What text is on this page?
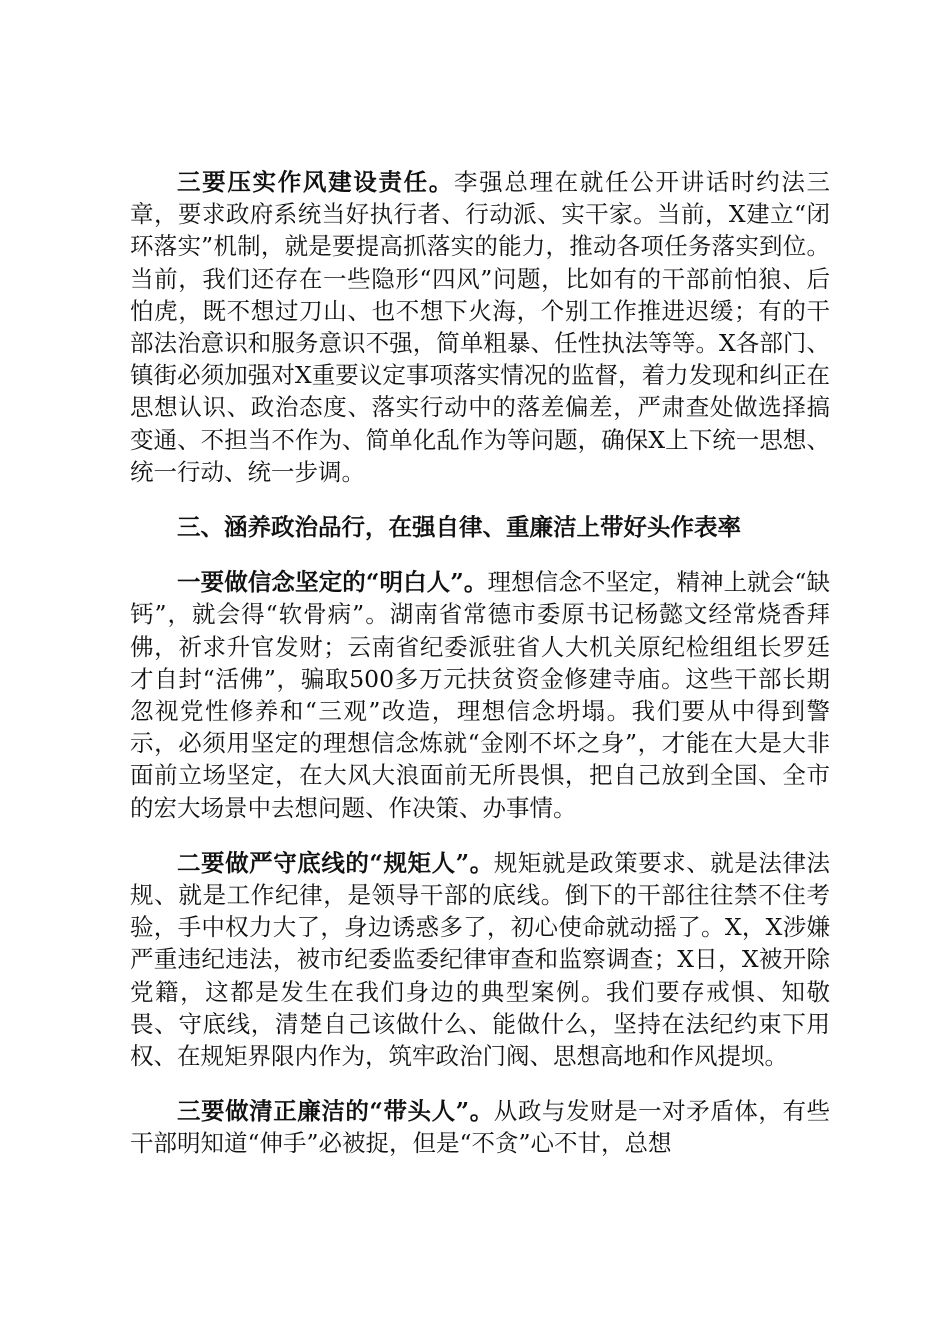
三要压实作风建设责任。李强总理在就任公开讲话时约法三章，要求政府系统当好执行者、行动派、实干家。当前，X建立“闭环落实”机制，就是要提高抓落实的能力，推动各项任务落实到位。当前，我们还存在一些隐形“四风”问题，比如有的干部前怕狼、后怕虎，既不想过刀山、也不想下火海，个别工作推进迟缓；有的干部法治意识和服务意识不强，简单粗暴、任性执法等等。X各部门、镇街必须加强对X重要议定事项落实情况的监督，着力发现和纠正在思想认识、政治态度、落实行动中的落差偏差，严肃查处做选择搞变通、不担当不作为、简单化乱作为等问题，确保X上下统一思想、统一行动、统一步调。

三、涵养政治品行，在强自律、重廉洁上带好头作表率

一要做信念坚定的“明白人”。理想信念不坚定，精神上就会“缺钙”，就会得“软骨病”。湖南省常德市委原书记杨懿文经常烧香拜佛，祈求升官发财；云南省纪委派驻省人大机关原纪检组组长罗廷才自封“活佛”，骗取500多万元扶贫资金修建寺庙。这些干部长期忽视党性修养和“三观”改造，理想信念坍塌。我们要从中得到警示，必须用坚定的理想信念炼就“金刚不坏之身”，才能在大是大非面前立场坚定，在大风大浪面前无所畏惧，把自己放到全国、全市的宏大场景中去想问题、作决策、办事情。

二要做严守底线的“规矩人”。规矩就是政策要求、就是法律法规、就是工作纪律，是领导干部的底线。倒下的干部往往禁不住考验，手中权力大了，身边诱惑多了，初心使命就动摇了。X，X涉嫌严重违纪违法，被市纪委监委纪律审查和监察调查；X日，X被开除党籍，这都是发生在我们身边的典型案例。我们要存戒惧、知敬畏、守底线，清楚自己该做什么、能做什么，坚持在法纪约束下用权、在规矩界限内作为，筑牢政治门阀、思想高地和作风提坝。

三要做清正廉洁的“带头人”。从政与发财是一对矛盾体，有些干部明知道“伸手”必被捉，但是“不贪”心不甘，总想
